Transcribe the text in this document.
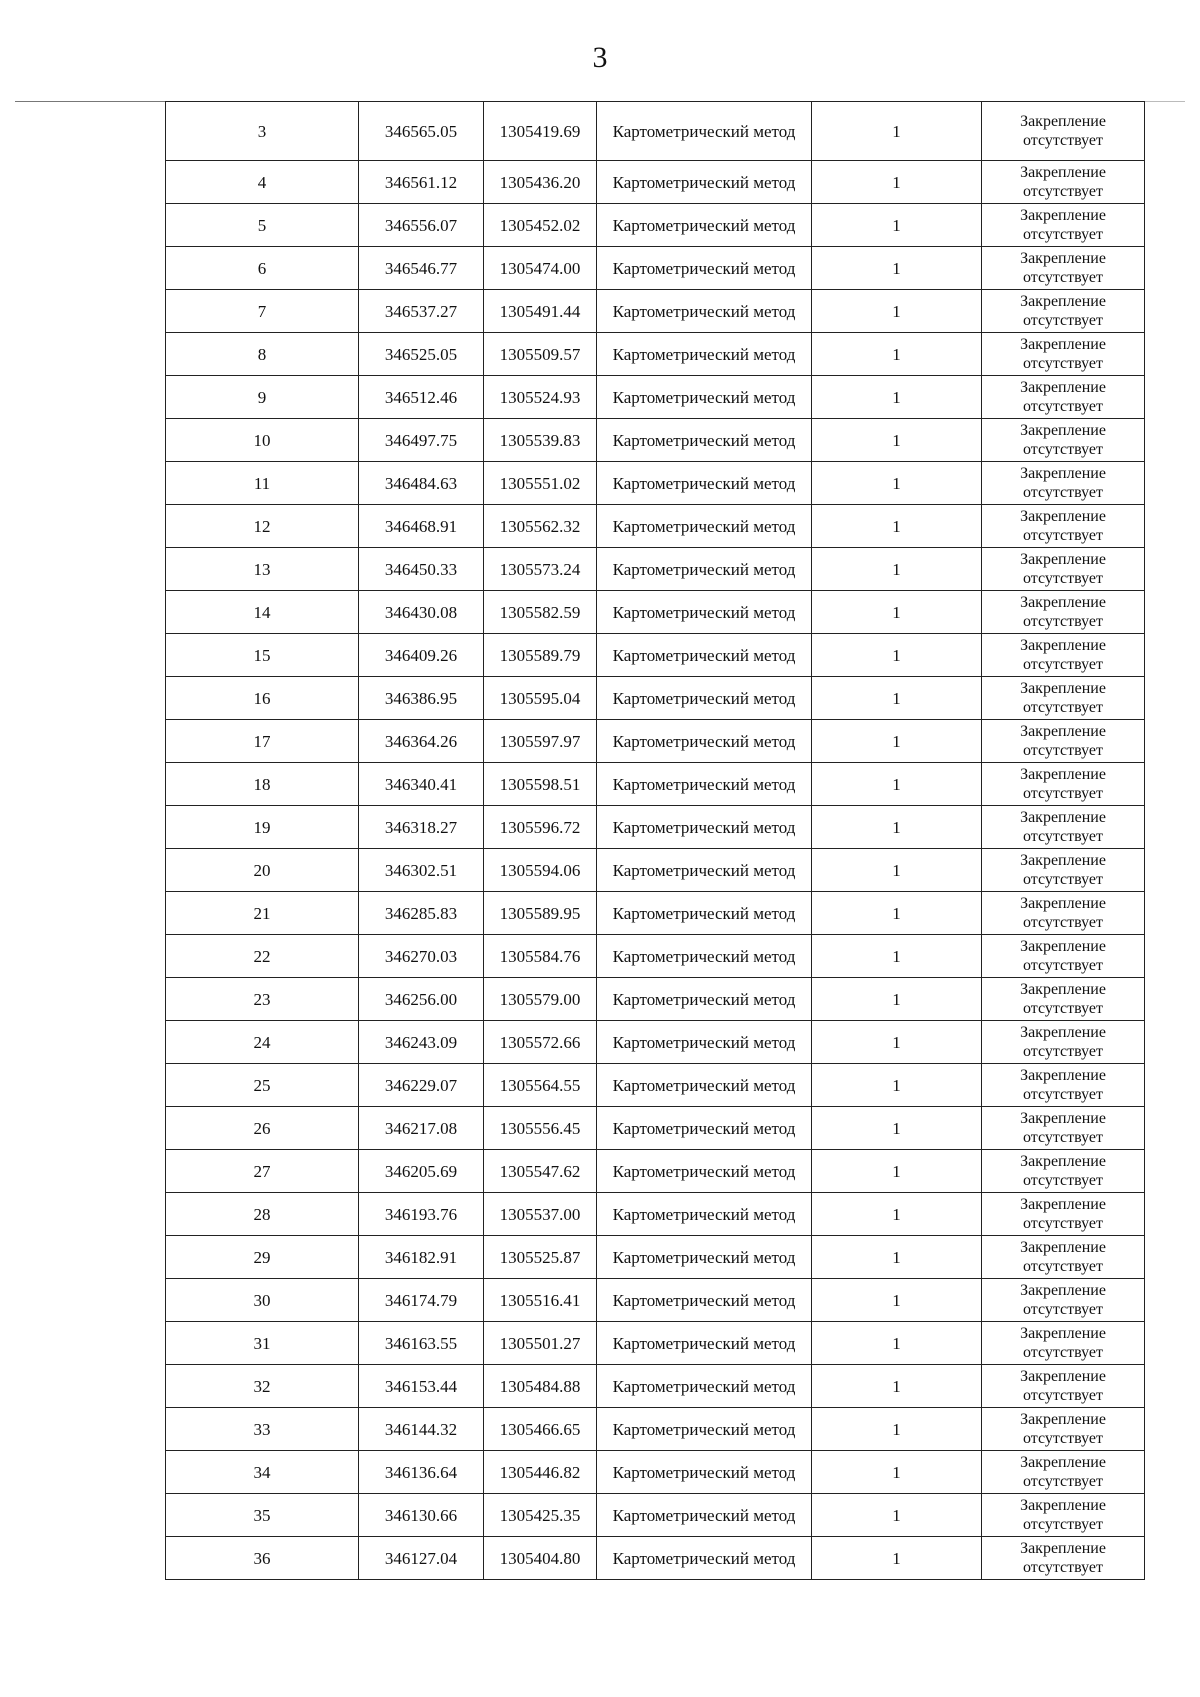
3
3	346565.05	1305419.69	Картометрический метод	1	Закрепление отсутствует
4	346561.12	1305436.20	Картометрический метод	1	Закрепление отсутствует
5	346556.07	1305452.02	Картометрический метод	1	Закрепление отсутствует
6	346546.77	1305474.00	Картометрический метод	1	Закрепление отсутствует
7	346537.27	1305491.44	Картометрический метод	1	Закрепление отсутствует
8	346525.05	1305509.57	Картометрический метод	1	Закрепление отсутствует
9	346512.46	1305524.93	Картометрический метод	1	Закрепление отсутствует
10	346497.75	1305539.83	Картометрический метод	1	Закрепление отсутствует
11	346484.63	1305551.02	Картометрический метод	1	Закрепление отсутствует
12	346468.91	1305562.32	Картометрический метод	1	Закрепление отсутствует
13	346450.33	1305573.24	Картометрический метод	1	Закрепление отсутствует
14	346430.08	1305582.59	Картометрический метод	1	Закрепление отсутствует
15	346409.26	1305589.79	Картометрический метод	1	Закрепление отсутствует
16	346386.95	1305595.04	Картометрический метод	1	Закрепление отсутствует
17	346364.26	1305597.97	Картометрический метод	1	Закрепление отсутствует
18	346340.41	1305598.51	Картометрический метод	1	Закрепление отсутствует
19	346318.27	1305596.72	Картометрический метод	1	Закрепление отсутствует
20	346302.51	1305594.06	Картометрический метод	1	Закрепление отсутствует
21	346285.83	1305589.95	Картометрический метод	1	Закрепление отсутствует
22	346270.03	1305584.76	Картометрический метод	1	Закрепление отсутствует
23	346256.00	1305579.00	Картометрический метод	1	Закрепление отсутствует
24	346243.09	1305572.66	Картометрический метод	1	Закрепление отсутствует
25	346229.07	1305564.55	Картометрический метод	1	Закрепление отсутствует
26	346217.08	1305556.45	Картометрический метод	1	Закрепление отсутствует
27	346205.69	1305547.62	Картометрический метод	1	Закрепление отсутствует
28	346193.76	1305537.00	Картометрический метод	1	Закрепление отсутствует
29	346182.91	1305525.87	Картометрический метод	1	Закрепление отсутствует
30	346174.79	1305516.41	Картометрический метод	1	Закрепление отсутствует
31	346163.55	1305501.27	Картометрический метод	1	Закрепление отсутствует
32	346153.44	1305484.88	Картометрический метод	1	Закрепление отсутствует
33	346144.32	1305466.65	Картометрический метод	1	Закрепление отсутствует
34	346136.64	1305446.82	Картометрический метод	1	Закрепление отсутствует
35	346130.66	1305425.35	Картометрический метод	1	Закрепление отсутствует
36	346127.04	1305404.80	Картометрический метод	1	Закрепление отсутствует
